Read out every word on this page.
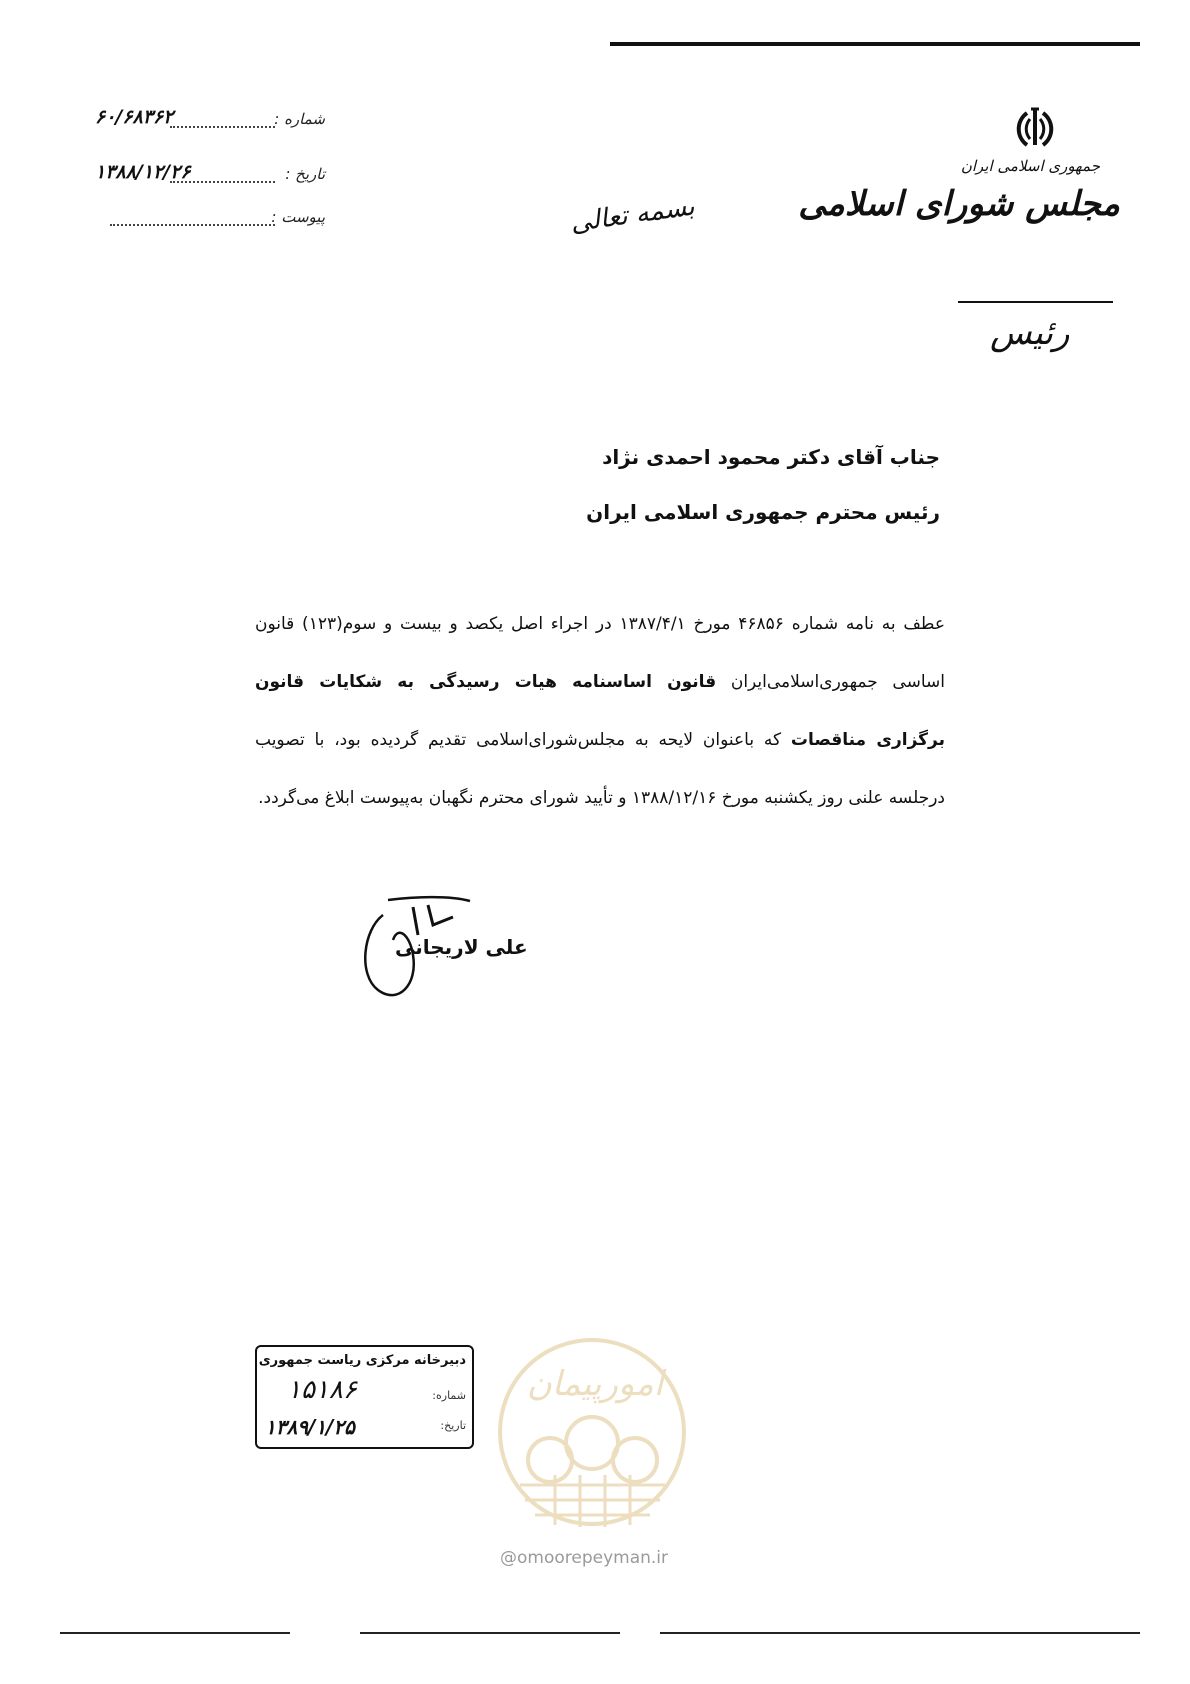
شماره :
۶۰/۶۸۳۶۲
تاریخ :
۱۳۸۸/۱۲/۲۶
پیوست :	بسمه تعالی
جمهوری اسلامی ایران
مجلس شورای اسلامی
رئیس
جناب آقای دکتر محمود احمدی نژاد
رئیس محترم جمهوری اسلامی ایران
عطف به نامه شماره ۴۶۸۵۶ مورخ ۱۳۸۷/۴/۱ در اجراء اصل یکصد و بیست و سوم(۱۲۳) قانون اساسی جمهوری‌اسلامی‌ایران قانون اساسنامه هیات رسیدگی به شکایات قانون برگزاری مناقصات که باعنوان لایحه به مجلس‌شورای‌اسلامی تقدیم گردیده بود، با تصویب درجلسه علنی روز یکشنبه مورخ ۱۳۸۸/۱۲/۱۶ و تأیید شورای محترم نگهبان به‌پیوست ابلاغ می‌گردد.
علی لاریجانی
دبیرخانه مرکزی ریاست جمهوری
شماره:
۱۵۱۸۶
تاریخ:
۱۳۸۹/۱/۲۵
امورپیمان
@omoorepeyman.ir
